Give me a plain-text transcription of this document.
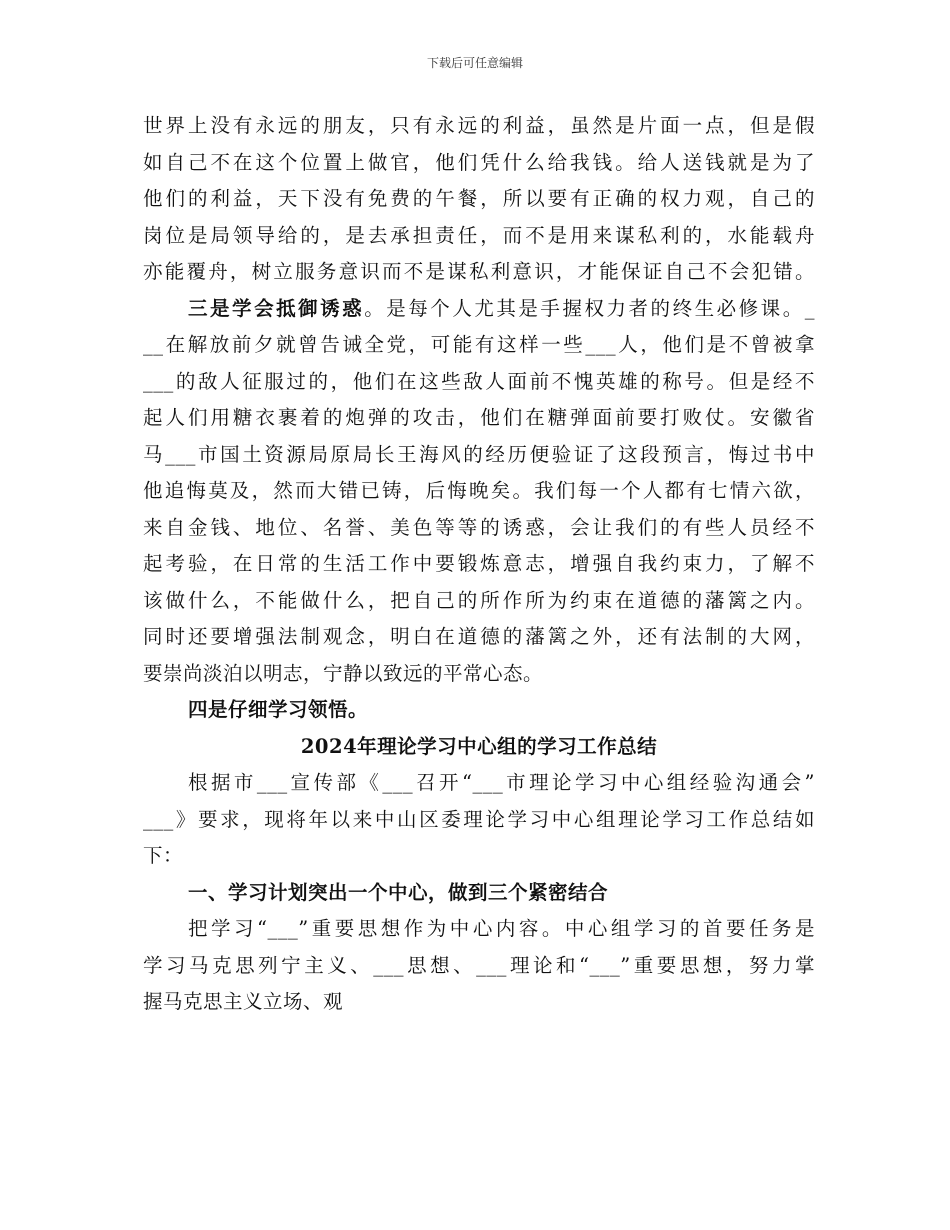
下载后可任意编辑
世界上没有永远的朋友，只有永远的利益，虽然是片面一点，但是假
如自己不在这个位置上做官，他们凭什么给我钱。给人送钱就是为了
他们的利益，天下没有免费的午餐，所以要有正确的权力观，自己的
岗位是局领导给的，是去承担责任，而不是用来谋私利的，水能载舟
亦能覆舟，树立服务意识而不是谋私利意识，才能保证自己不会犯错。
三是学会抵御诱惑。是每个人尤其是手握权力者的终生必修课。_
__在解放前夕就曾告诫全党，可能有这样一些___人，他们是不曾被拿
___的敌人征服过的，他们在这些敌人面前不愧英雄的称号。但是经不
起人们用糖衣裹着的炮弹的攻击，他们在糖弹面前要打败仗。安徽省
马___市国土资源局原局长王海风的经历便验证了这段预言，悔过书中
他追悔莫及，然而大错已铸，后悔晚矣。我们每一个人都有七情六欲，
来自金钱、地位、名誉、美色等等的诱惑，会让我们的有些人员经不
起考验，在日常的生活工作中要锻炼意志，增强自我约束力，了解不
该做什么，不能做什么，把自己的所作所为约束在道德的藩篱之内。
同时还要增强法制观念，明白在道德的藩篱之外，还有法制的大网，
要崇尚淡泊以明志，宁静以致远的平常心态。
四是仔细学习领悟。
2024年理论学习中心组的学习工作总结
根据市___宣传部《___召开“___市理论学习中心组经验沟通会”
___》要求，现将年以来中山区委理论学习中心组理论学习工作总结如
下：
一、学习计划突出一个中心，做到三个紧密结合
把学习“___”重要思想作为中心内容。中心组学习的首要任务是
学习马克思列宁主义、___思想、___理论和“___”重要思想，努力掌
握马克思主义立场、观
